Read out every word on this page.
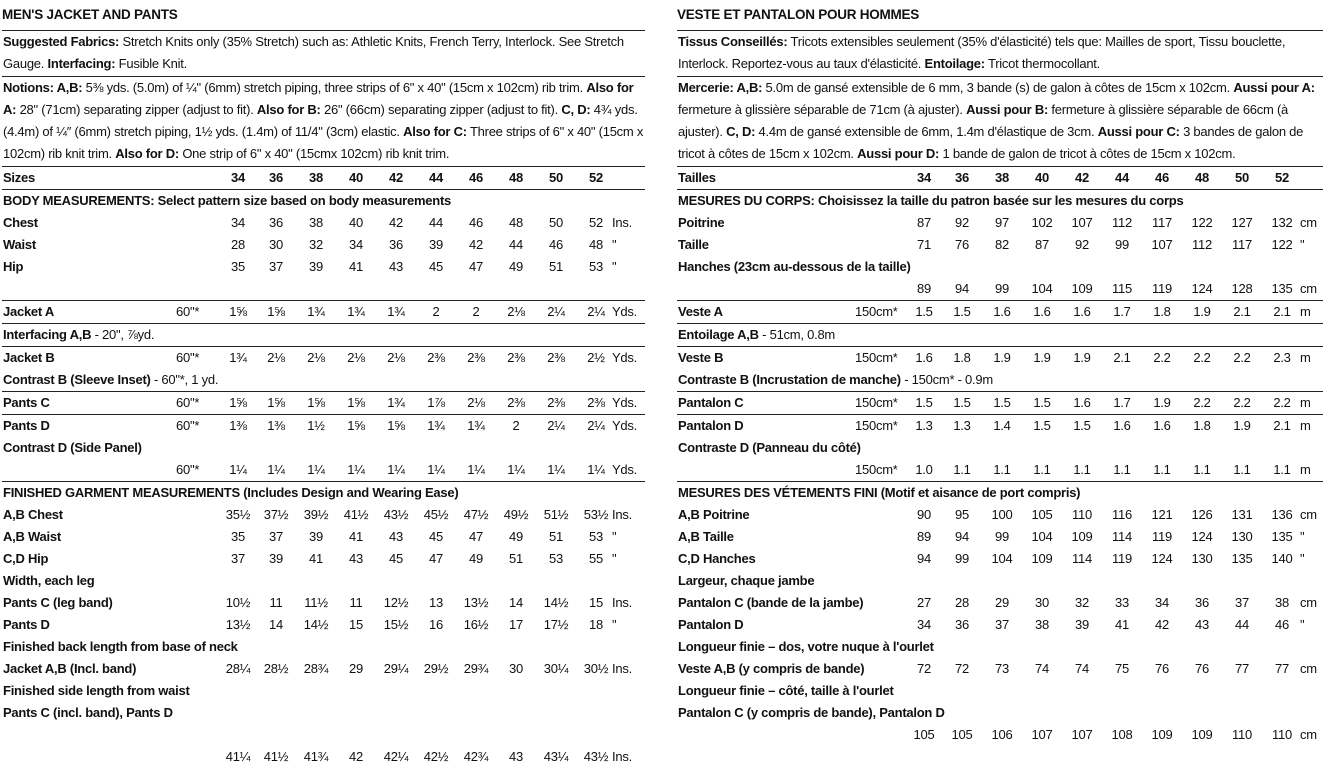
MEN'S JACKET AND PANTS
Suggested Fabrics: Stretch Knits only (35% Stretch) such as: Athletic Knits, French Terry, Interlock. See Stretch Gauge. Interfacing: Fusible Knit.
Notions: A,B: 5⅜ yds. (5.0m) of ¼" (6mm) stretch piping, three strips of 6" x 40" (15cm x 102cm) rib trim. Also for A: 28" (71cm) separating zipper (adjust to fit). Also for B: 26" (66cm) separating zipper (adjust to fit). C, D: 4¾ yds. (4.4m) of ¼″ (6mm) stretch piping, 1½ yds. (1.4m) of 11/4" (3cm) elastic. Also for C: Three strips of 6" x 40" (15cm x 102cm) rib knit trim. Also for D: One strip of 6" x 40" (15cmx 102cm) rib knit trim.
Sizes	34	36	38	40	42	44	46	48	50	52
BODY MEASUREMENTS: Select pattern size based on body measurements
Chest	34	36	38	40	42	44	46	48	50	52 Ins.
Waist	28	30	32	34	36	39	42	44	46	48 "
Hip	35	37	39	41	43	45	47	49	51	53 "
Jacket A	60"*	1⅝	1⅝	1¾	1¾	1¾	2	2	2⅛	2¼	2¼ Yds.
Interfacing A,B - 20", ⅞yd.
Jacket B	60"*	1¾	2⅛	2⅛	2⅛	2⅛	2⅜	2⅜	2⅜	2⅜	2½ Yds.
Contrast B (Sleeve Inset) - 60"*, 1 yd.
Pants C	60"*	1⅝	1⅝	1⅝	1⅝	1¾	1⅞	2⅛	2⅜	2⅜	2⅜ Yds.
Pants D	60"*	1⅜	1⅜	1½	1⅝	1⅝	1¾	1¾	2	2¼	2¼ Yds.
Contrast D (Side Panel)
60"*	1¼	1¼	1¼	1¼	1¼	1¼	1¼	1¼	1¼	1¼ Yds.
FINISHED GARMENT MEASUREMENTS (Includes Design and Wearing Ease)
A,B Chest	35½	37½	39½	41½	43½	45½	47½	49½	51½	53½ Ins.
A,B Waist	35	37	39	41	43	45	47	49	51	53 "
C,D Hip	37	39	41	43	45	47	49	51	53	55 "
Width, each leg
Pants C (leg band)	10½	11	11½	11	12½	13	13½	14	14½	15 Ins.
Pants D	13½	14	14½	15	15½	16	16½	17	17½	18 "
Finished back length from base of neck
Jacket A,B (Incl. band)	28¼	28½	28¾	29	29¼	29½	29¾	30	30¼	30½ Ins.
Finished side length from waist
Pants C (incl. band), Pants D
41¼	41½	41¾	42	42¼	42½	42¾	43	43¼	43½ Ins.
VESTE ET PANTALON POUR HOMMES
Tissus Conseillés: Tricots extensibles seulement (35% d'élasticité) tels que: Mailles de sport, Tissu bouclette, Interlock. Reportez-vous au taux d'élasticité. Entoilage: Tricot thermocollant.
Mercerie: A,B: 5.0m de gansé extensible de 6 mm, 3 bande (s) de galon à côtes de 15cm x 102cm. Aussi pour A: fermeture à glissière séparable de 71cm (à ajuster). Aussi pour B: fermeture à glissière séparable de 66cm (à ajuster). C, D: 4.4m de gansé extensible de 6mm, 1.4m d'élastique de 3cm. Aussi pour C: 3 bandes de galon de tricot à côtes de 15cm x 102cm. Aussi pour D: 1 bande de galon de tricot à côtes de 15cm x 102cm.
Tailles	34	36	38	40	42	44	46	48	50	52
MESURES DU CORPS: Choisissez la taille du patron basée sur les mesures du corps
Poitrine	87	92	97	102	107	112	117	122	127	132 cm
Taille	71	76	82	87	92	99	107	112	117	122 "
Hanches (23cm au-dessous de la taille)
89	94	99	104	109	115	119	124	128	135 cm
Veste A	150cm*	1.5	1.5	1.6	1.6	1.6	1.7	1.8	1.9	2.1	2.1 m
Entoilage A,B - 51cm, 0.8m
Veste B	150cm*	1.6	1.8	1.9	1.9	1.9	2.1	2.2	2.2	2.2	2.3 m
Contraste B (Incrustation de manche) - 150cm* - 0.9m
Pantalon C	150cm*	1.5	1.5	1.5	1.5	1.6	1.7	1.9	2.2	2.2	2.2 m
Pantalon D	150cm*	1.3	1.3	1.4	1.5	1.5	1.6	1.6	1.8	1.9	2.1 m
Contraste D (Panneau du côté)
150cm*	1.0	1.1	1.1	1.1	1.1	1.1	1.1	1.1	1.1	1.1 m
MESURES DES VÉTEMENTS FINI (Motif et aisance de port compris)
A,B Poitrine	90	95	100	105	110	116	121	126	131	136 cm
A,B Taille	89	94	99	104	109	114	119	124	130	135 "
C,D Hanches	94	99	104	109	114	119	124	130	135	140 "
Largeur, chaque jambe
Pantalon C (bande de la jambe)	27	28	29	30	32	33	34	36	37	38 cm
Pantalon D	34	36	37	38	39	41	42	43	44	46 "
Longueur finie – dos, votre nuque à l'ourlet
Veste A,B (y compris de bande)	72	72	73	74	74	75	76	76	77	77 cm
Longueur finie – côté, taille à l'ourlet
Pantalon C (y compris de bande), Pantalon D
105	105	106	107	107	108	109	109	110	110 cm
